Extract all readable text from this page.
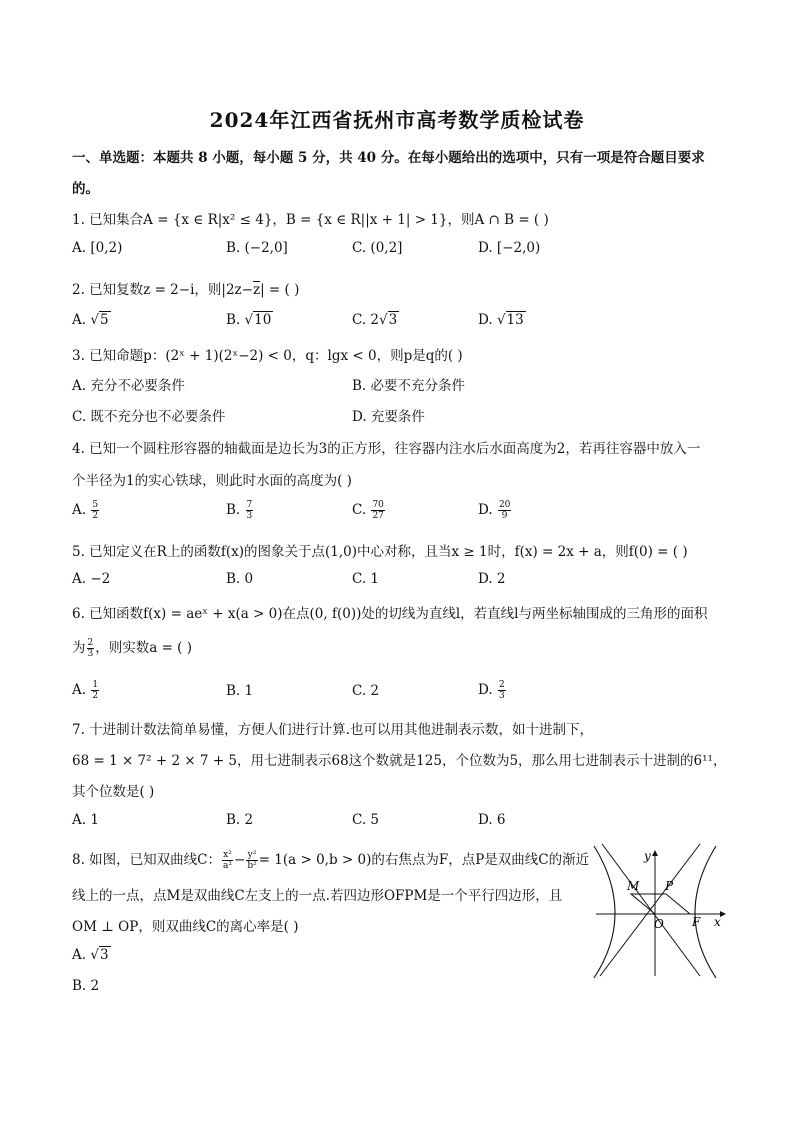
2024年江西省抚州市高考数学质检试卷
一、单选题：本题共 8 小题，每小题 5 分，共 40 分。在每小题给出的选项中，只有一项是符合题目要求
的。
1. 已知集合A = {x ∈ R|x² ≤ 4}，B = {x ∈ R||x + 1| > 1}，则A ∩ B = ( )
A. [0,2)	B. (−2,0]	C. (0,2]	D. [−2,0)
2. 已知复数z = 2−i，则$|2z-\overline{z}|$ = ( )
A. √5	B. √10	C. 2√3	D. √13
3. 已知命题p：(2ˣ + 1)(2ˣ−2) < 0，q：lgx < 0，则p是q的( )
A. 充分不必要条件	B. 必要不充分条件
C. 既不充分也不必要条件	D. 充要条件
4. 已知一个圆柱形容器的轴截面是边长为3的正方形，往容器内注水后水面高度为2，若再往容器中放入一
个半径为1的实心铁球，则此时水面的高度为( )
A. $\frac{5}{2}$	B. $\frac{7}{3}$	C. $\frac{70}{27}$	D. $\frac{20}{9}$
5. 已知定义在R上的函数f(x)的图象关于点(1,0)中心对称，且当x ≥ 1时，f(x) = 2x + a，则f(0) = ( )
A. −2	B. 0	C. 1	D. 2
6. 已知函数f(x) = aeˣ + x(a > 0)在点(0, f(0))处的切线为直线l，若直线l与两坐标轴围成的三角形的面积
为 $\frac{2}{3}$ ，则实数a = ( )
A. $\frac{1}{2}$	B. 1	C. 2	D. $\frac{2}{3}$
7. 十进制计数法简单易懂，方便人们进行计算.也可以用其他进制表示数，如十进制下，
68 = 1 × 7² + 2 × 7 + 5，用七进制表示68这个数就是125，个位数为5，那么用七进制表示十进制的6¹¹，
其个位数是( )
A. 1	B. 2	C. 5	D. 6
8. 如图，已知双曲线C： $\frac{\text{x²}}{\text{a²}} - \frac{\text{y²}}{\text{b²}} = 1(a > 0,b > 0)$的右焦点为F，点P是双曲线C的渐近
线上的一点，点M是双曲线C左支上的一点.若四边形OFPM是一个平行四边形，且
OM ⊥ OP，则双曲线C的离心率是( )
A. √3
B. 2
y
x
M P
O F
